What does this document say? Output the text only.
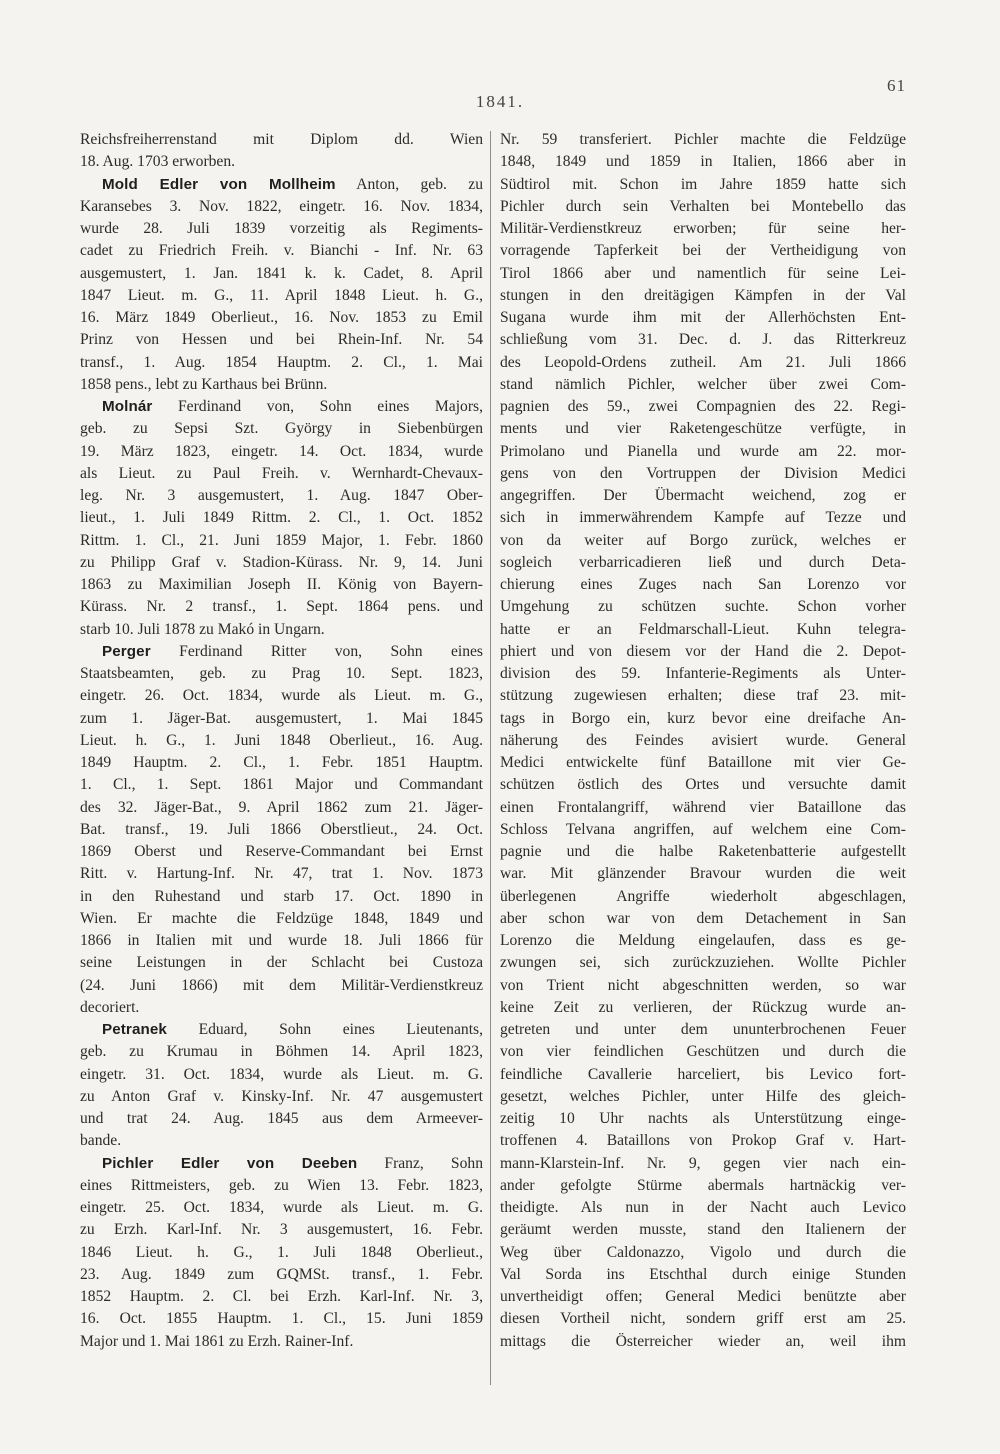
61
1841.

Reichsfreiherrenstand mit Diplom dd. Wien
18. Aug. 1703 erworben.

Mold Edler von Mollheim Anton, geb. zu
Karansebes 3. Nov. 1822, eingetr. 16. Nov. 1834,
wurde 28. Juli 1839 vorzeitig als Regiments-
cadet zu Friedrich Freih. v. Bianchi - Inf. Nr. 63
ausgemustert, 1. Jan. 1841 k. k. Cadet, 8. April
1847 Lieut. m. G., 11. April 1848 Lieut. h. G.,
16. März 1849 Oberlieut., 16. Nov. 1853 zu Emil
Prinz von Hessen und bei Rhein-Inf. Nr. 54
transf., 1. Aug. 1854 Hauptm. 2. Cl., 1. Mai
1858 pens., lebt zu Karthaus bei Brünn.

Molnár Ferdinand von, Sohn eines Majors,
geb. zu Sepsi Szt. György in Siebenbürgen
19. März 1823, eingetr. 14. Oct. 1834, wurde
als Lieut. zu Paul Freih. v. Wernhardt-Chevaux-
leg. Nr. 3 ausgemustert, 1. Aug. 1847 Ober-
lieut., 1. Juli 1849 Rittm. 2. Cl., 1. Oct. 1852
Rittm. 1. Cl., 21. Juni 1859 Major, 1. Febr. 1860
zu Philipp Graf v. Stadion-Kürass. Nr. 9, 14. Juni
1863 zu Maximilian Joseph II. König von Bayern-
Kürass. Nr. 2 transf., 1. Sept. 1864 pens. und
starb 10. Juli 1878 zu Makó in Ungarn.

Perger Ferdinand Ritter von, Sohn eines
Staatsbeamten, geb. zu Prag 10. Sept. 1823,
eingetr. 26. Oct. 1834, wurde als Lieut. m. G.,
zum 1. Jäger-Bat. ausgemustert, 1. Mai 1845
Lieut. h. G., 1. Juni 1848 Oberlieut., 16. Aug.
1849 Hauptm. 2. Cl., 1. Febr. 1851 Hauptm.
1. Cl., 1. Sept. 1861 Major und Commandant
des 32. Jäger-Bat., 9. April 1862 zum 21. Jäger-
Bat. transf., 19. Juli 1866 Oberstlieut., 24. Oct.
1869 Oberst und Reserve-Commandant bei Ernst
Ritt. v. Hartung-Inf. Nr. 47, trat 1. Nov. 1873
in den Ruhestand und starb 17. Oct. 1890 in
Wien. Er machte die Feldzüge 1848, 1849 und
1866 in Italien mit und wurde 18. Juli 1866 für
seine Leistungen in der Schlacht bei Custoza
(24. Juni 1866) mit dem Militär-Verdienstkreuz
decoriert.

Petranek Eduard, Sohn eines Lieutenants,
geb. zu Krumau in Böhmen 14. April 1823,
eingetr. 31. Oct. 1834, wurde als Lieut. m. G.
zu Anton Graf v. Kinsky-Inf. Nr. 47 ausgemustert
und trat 24. Aug. 1845 aus dem Armeever-
bande.

Pichler Edler von Deeben Franz, Sohn
eines Rittmeisters, geb. zu Wien 13. Febr. 1823,
eingetr. 25. Oct. 1834, wurde als Lieut. m. G.
zu Erzh. Karl-Inf. Nr. 3 ausgemustert, 16. Febr.
1846 Lieut. h. G., 1. Juli 1848 Oberlieut.,
23. Aug. 1849 zum GQMSt. transf., 1. Febr.
1852 Hauptm. 2. Cl. bei Erzh. Karl-Inf. Nr. 3,
16. Oct. 1855 Hauptm. 1. Cl., 15. Juni 1859
Major und 1. Mai 1861 zu Erzh. Rainer-Inf.

Nr. 59 transferiert. Pichler machte die Feldzüge
1848, 1849 und 1859 in Italien, 1866 aber in
Südtirol mit. Schon im Jahre 1859 hatte sich
Pichler durch sein Verhalten bei Montebello das
Militär-Verdienstkreuz erworben; für seine her-
vorragende Tapferkeit bei der Vertheidigung von
Tirol 1866 aber und namentlich für seine Lei-
stungen in den dreitägigen Kämpfen in der Val
Sugana wurde ihm mit der Allerhöchsten Ent-
schließung vom 31. Dec. d. J. das Ritterkreuz
des Leopold-Ordens zutheil. Am 21. Juli 1866
stand nämlich Pichler, welcher über zwei Com-
pagnien des 59., zwei Compagnien des 22. Regi-
ments und vier Raketengeschütze verfügte, in
Primolano und Pianella und wurde am 22. mor-
gens von den Vortruppen der Division Medici
angegriffen. Der Übermacht weichend, zog er
sich in immerwährendem Kampfe auf Tezze und
von da weiter auf Borgo zurück, welches er
sogleich verbarricadieren ließ und durch Deta-
chierung eines Zuges nach San Lorenzo vor
Umgehung zu schützen suchte. Schon vorher
hatte er an Feldmarschall-Lieut. Kuhn telegra-
phiert und von diesem vor der Hand die 2. Depot-
division des 59. Infanterie-Regiments als Unter-
stützung zugewiesen erhalten; diese traf 23. mit-
tags in Borgo ein, kurz bevor eine dreifache An-
näherung des Feindes avisiert wurde. General
Medici entwickelte fünf Bataillone mit vier Ge-
schützen östlich des Ortes und versuchte damit
einen Frontalangriff, während vier Bataillone das
Schloss Telvana angriffen, auf welchem eine Com-
pagnie und die halbe Raketenbatterie aufgestellt
war. Mit glänzender Bravour wurden die weit
überlegenen Angriffe wiederholt abgeschlagen,
aber schon war von dem Detachement in San
Lorenzo die Meldung eingelaufen, dass es ge-
zwungen sei, sich zurückzuziehen. Wollte Pichler
von Trient nicht abgeschnitten werden, so war
keine Zeit zu verlieren, der Rückzug wurde an-
getreten und unter dem ununterbrochenen Feuer
von vier feindlichen Geschützen und durch die
feindliche Cavallerie harceliert, bis Levico fort-
gesetzt, welches Pichler, unter Hilfe des gleich-
zeitig 10 Uhr nachts als Unterstützung einge-
troffenen 4. Bataillons von Prokop Graf v. Hart-
mann-Klarstein-Inf. Nr. 9, gegen vier nach ein-
ander gefolgte Stürme abermals hartnäckig ver-
theidigte. Als nun in der Nacht auch Levico
geräumt werden musste, stand den Italienern der
Weg über Caldonazzo, Vigolo und durch die
Val Sorda ins Etschthal durch einige Stunden
unvertheidigt offen; General Medici benützte aber
diesen Vortheil nicht, sondern griff erst am 25.
mittags die Österreicher wieder an, weil ihm
